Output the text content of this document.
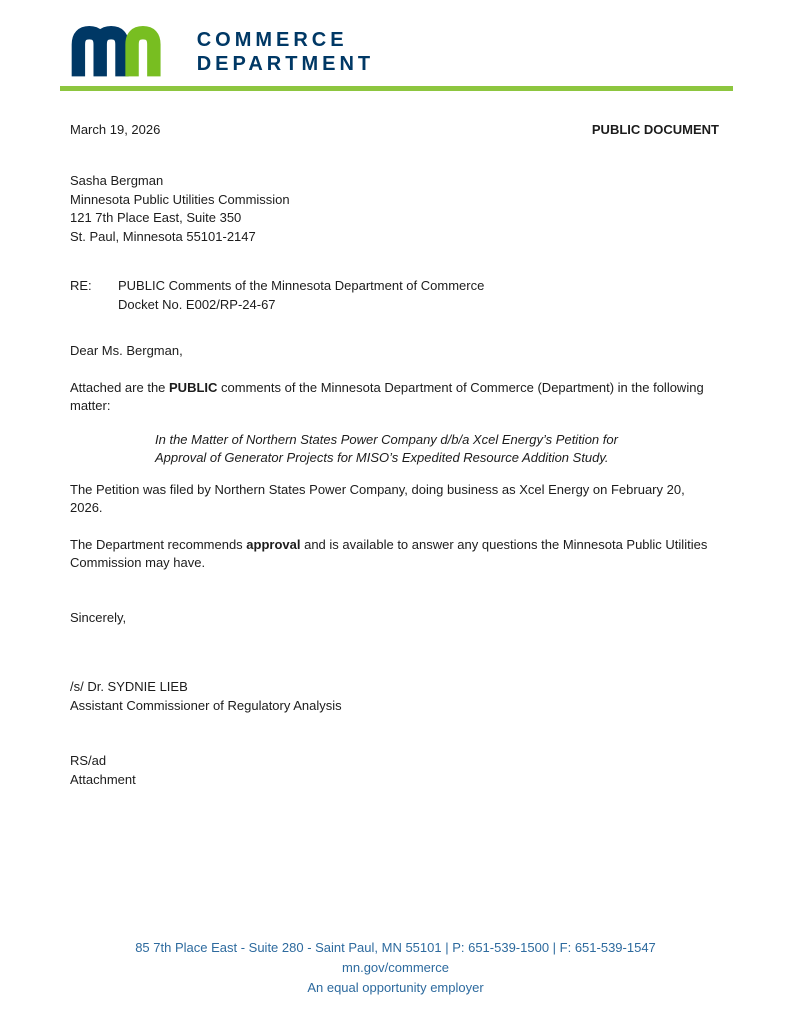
COMMERCE
DEPARTMENT
March 19, 2026	PUBLIC DOCUMENT
Sasha Bergman
Minnesota Public Utilities Commission
121 7th Place East, Suite 350
St. Paul, Minnesota 55101-2147
RE:	PUBLIC Comments of the Minnesota Department of Commerce
Docket No. E002/RP-24-67

Dear Ms. Bergman,

Attached are the PUBLIC comments of the Minnesota Department of Commerce (Department) in the following matter:

In the Matter of Northern States Power Company d/b/a Xcel Energy’s Petition for
Approval of Generator Projects for MISO’s Expedited Resource Addition Study.

The Petition was filed by Northern States Power Company, doing business as Xcel Energy on February 20, 2026.

The Department recommends approval and is available to answer any questions the Minnesota Public Utilities Commission may have.

Sincerely,

/s/ Dr. SYDNIE LIEB
Assistant Commissioner of Regulatory Analysis
RS/ad
Attachment
85 7th Place East - Suite 280 - Saint Paul, MN 55101 | P: 651-539-1500 | F: 651-539-1547
mn.gov/commerce
An equal opportunity employer
